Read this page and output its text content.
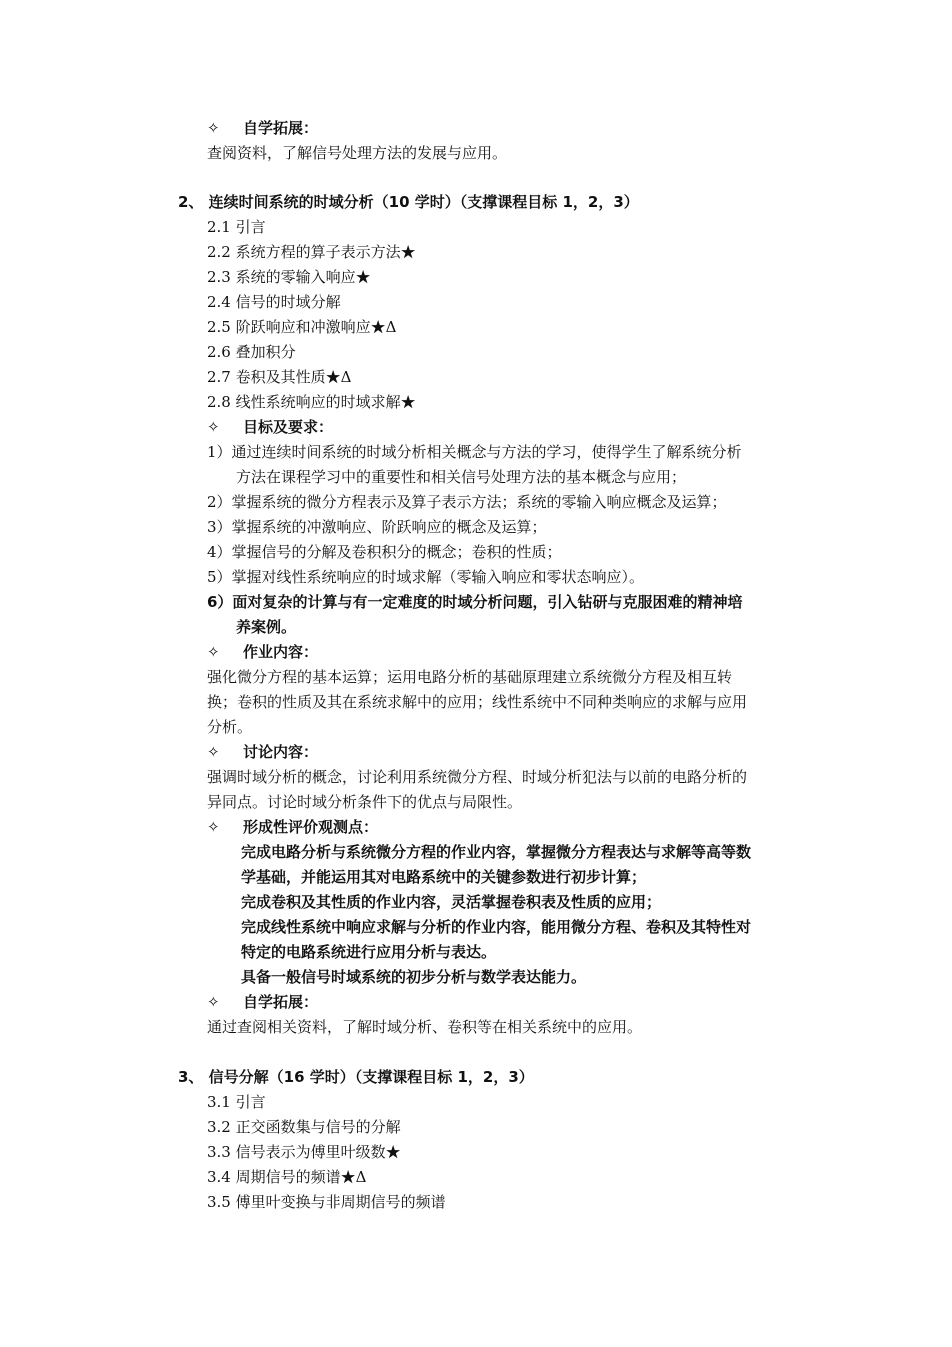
✧	自学拓展：
查阅资料，了解信号处理方法的发展与应用。
2、 连续时间系统的时域分析（10 学时）（支撑课程目标 1，2，3）
2.1 引言
2.2 系统方程的算子表示方法★
2.3 系统的零输入响应★
2.4 信号的时域分解
2.5 阶跃响应和冲激响应★Δ
2.6 叠加积分
2.7 卷积及其性质★Δ
2.8 线性系统响应的时域求解★
✧	目标及要求：
1）通过连续时间系统的时域分析相关概念与方法的学习，使得学生了解系统分析
方法在课程学习中的重要性和相关信号处理方法的基本概念与应用；
2）掌握系统的微分方程表示及算子表示方法；系统的零输入响应概念及运算；
3）掌握系统的冲激响应、阶跃响应的概念及运算；
4）掌握信号的分解及卷积积分的概念；卷积的性质；
5）掌握对线性系统响应的时域求解（零输入响应和零状态响应）。
6）面对复杂的计算与有一定难度的时域分析问题，引入钻研与克服困难的精神培
养案例。
✧	作业内容：
强化微分方程的基本运算；运用电路分析的基础原理建立系统微分方程及相互转
换；卷积的性质及其在系统求解中的应用；线性系统中不同种类响应的求解与应用
分析。
✧	讨论内容：
强调时域分析的概念，讨论利用系统微分方程、时域分析犯法与以前的电路分析的
异同点。讨论时域分析条件下的优点与局限性。
✧	形成性评价观测点：
完成电路分析与系统微分方程的作业内容，掌握微分方程表达与求解等高等数
学基础，并能运用其对电路系统中的关键参数进行初步计算；
完成卷积及其性质的作业内容，灵活掌握卷积表及性质的应用；
完成线性系统中响应求解与分析的作业内容，能用微分方程、卷积及其特性对
特定的电路系统进行应用分析与表达。
具备一般信号时域系统的初步分析与数学表达能力。
✧	自学拓展：
通过查阅相关资料，了解时域分析、卷积等在相关系统中的应用。
3、 信号分解（16 学时）（支撑课程目标 1，2，3）
3.1 引言
3.2 正交函数集与信号的分解
3.3 信号表示为傅里叶级数★
3.4 周期信号的频谱★Δ
3.5 傅里叶变换与非周期信号的频谱
